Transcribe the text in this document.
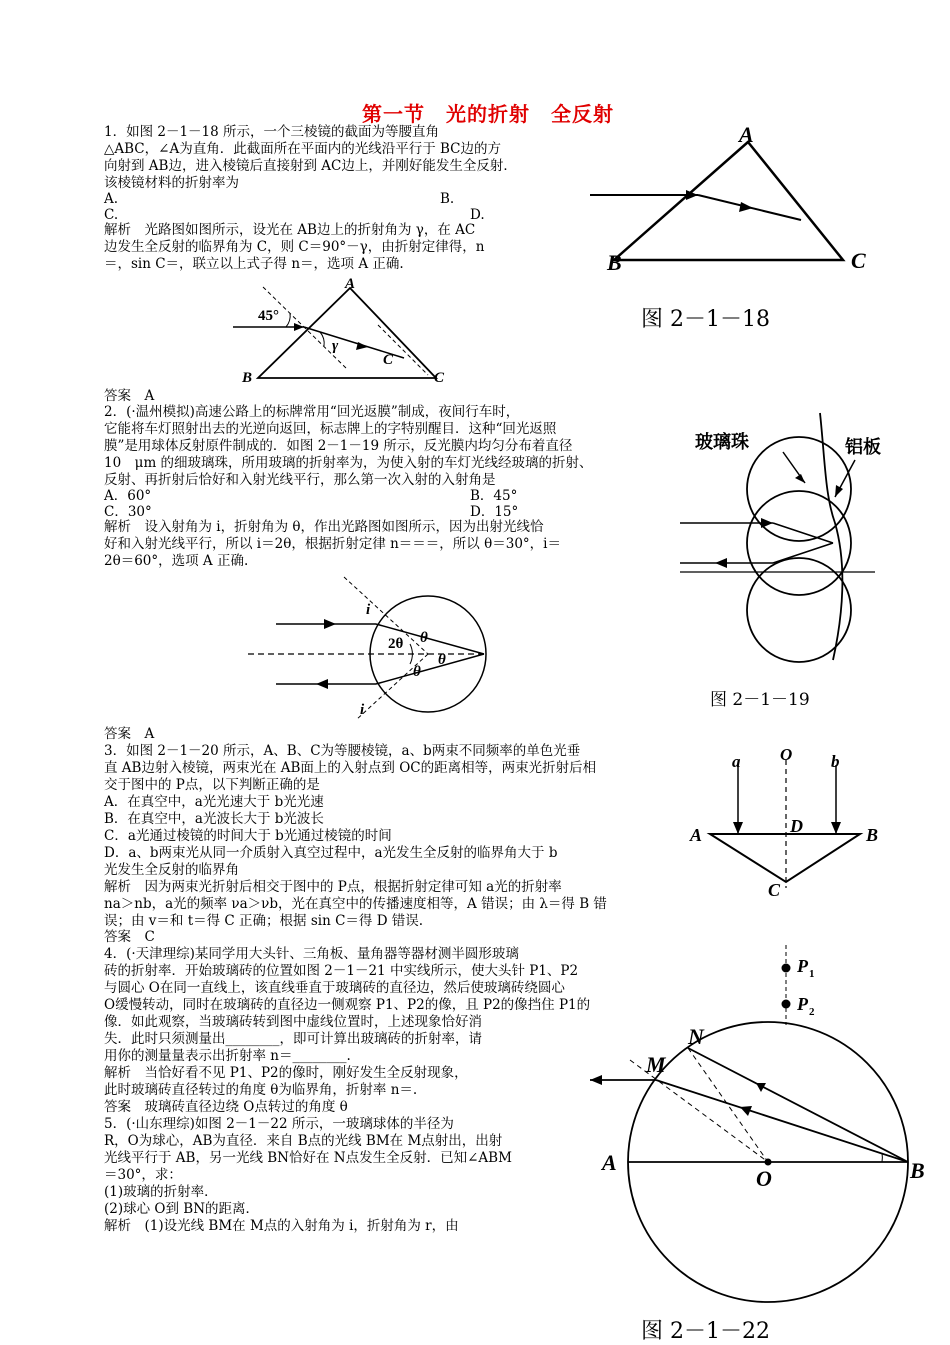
第一节　光的折射　全反射
1．如图 2－1－18 所示，一个三棱镜的截面为等腰直角
△ABC，∠A为直角．此截面所在平面内的光线沿平行于 BC边的方
向射到 AB边，进入棱镜后直接射到 AC边上，并刚好能发生全反射．
该棱镜材料的折射率为
A.	B.
C.	D.
解析　光路图如图所示，设光在 AB边上的折射角为 γ，在 AC
边发生全反射的临界角为 C，则 C＝90°－γ，由折射定律得，n
＝，sin C＝，联立以上式子得 n＝，选项 A 正确.
答案　A
2．(·温州模拟)高速公路上的标牌常用“回光返膜”制成，夜间行车时，
它能将车灯照射出去的光逆向返回，标志牌上的字特别醒目．这种“回光返照
膜”是用球体反射原件制成的．如图 2－1－19 所示，反光膜内均匀分布着直径
10　μm 的细玻璃珠，所用玻璃的折射率为，为使入射的车灯光线经玻璃的折射、
反射、再折射后恰好和入射光线平行，那么第一次入射的入射角是
A．60°	B．45°
C．30°	D．15°
解析　设入射角为 i，折射角为 θ，作出光路图如图所示，因为出射光线恰
好和入射光线平行，所以 i＝2θ，根据折射定律 n＝＝＝，所以 θ＝30°，i＝
2θ＝60°，选项 A 正确.
答案　A
3．如图 2－1－20 所示，A、B、C为等腰棱镜，a、b两束不同频率的单色光垂
直 AB边射入棱镜，两束光在 AB面上的入射点到 OC的距离相等，两束光折射后相
交于图中的 P点，以下判断正确的是
A．在真空中，a光光速大于 b光光速
B．在真空中，a光波长大于 b光波长
C．a光通过棱镜的时间大于 b光通过棱镜的时间
D．a、b两束光从同一介质射入真空过程中，a光发生全反射的临界角大于 b
光发生全反射的临界角
解析　因为两束光折射后相交于图中的 P点，根据折射定律可知 a光的折射率
na＞nb，a光的频率 νa＞νb，光在真空中的传播速度相等，A 错误；由 λ＝得 B 错
误；由 v＝和 t＝得 C 正确；根据 sin C＝得 D 错误.
答案　C
4．(·天津理综)某同学用大头针、三角板、量角器等器材测半圆形玻璃
砖的折射率．开始玻璃砖的位置如图 2－1－21 中实线所示，使大头针 P1、P2
与圆心 O在同一直线上，该直线垂直于玻璃砖的直径边，然后使玻璃砖绕圆心
O缓慢转动，同时在玻璃砖的直径边一侧观察 P1、P2的像，且 P2的像挡住 P1的
像．如此观察，当玻璃砖转到图中虚线位置时，上述现象恰好消
失．此时只须测量出________，即可计算出玻璃砖的折射率，请
用你的测量量表示出折射率 n＝________.
解析　当恰好看不见 P1、P2的像时，刚好发生全反射现象，
此时玻璃砖直径转过的角度 θ为临界角，折射率 n＝.
答案　玻璃砖直径边绕 O点转过的角度 θ
5．(·山东理综)如图 2－1－22 所示，一玻璃球体的半径为
R，O为球心，AB为直径．来自 B点的光线 BM在 M点射出，出射
光线平行于 AB，另一光线 BN恰好在 N点发生全反射．已知∠ABM
＝30°，求：
(1)玻璃的折射率．
(2)球心 O到 BN的距离．
解析　(1)设光线 BM在 M点的入射角为 i，折射角为 r，由
A
B	C
图 2－1－18
A
B	C
45°
γ
C
玻璃珠	铝板
图 2－1－19
i
i
2θ θ
θ
θ
a O b
A	D	B
C
P 1
P 2
M
N
A	B
O
图 2－1－22
